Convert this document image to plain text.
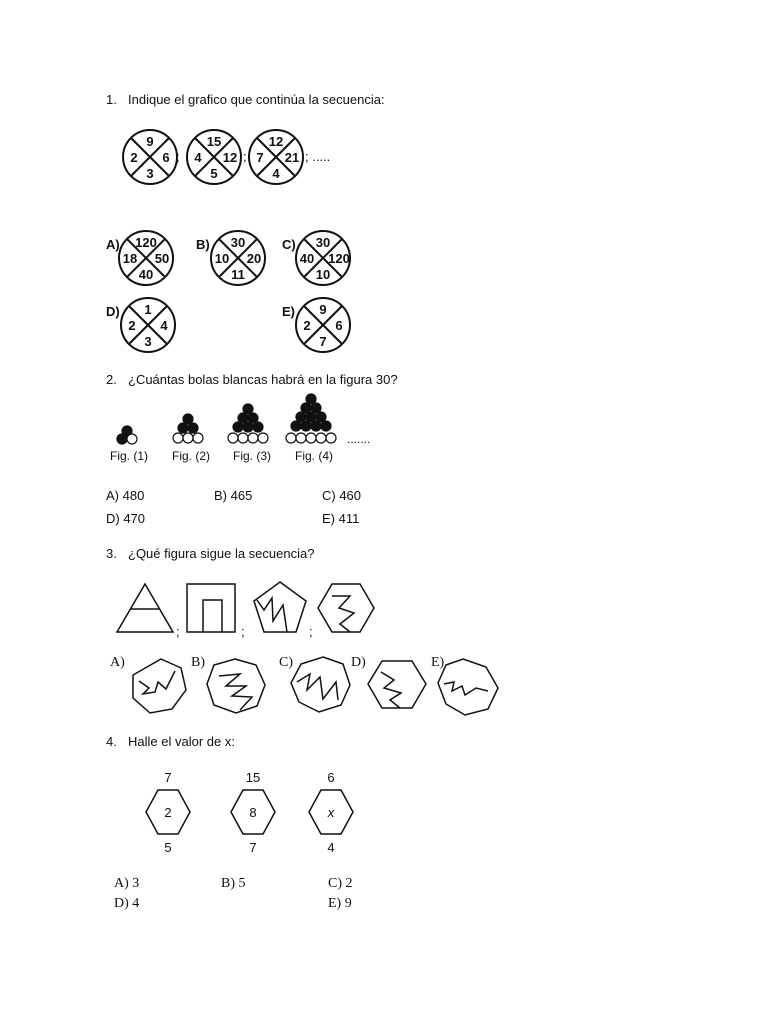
1. Indique el grafico que continúa la secuencia:
9
2 6
3
15
4 12
5
12
7 21
4
120
18 50
40
30
10 20
11
30
40 120
10
1
2 4
3
9
2 6
7
7
2
5
15
8
7
6
x
4
;	;	; .....
A)	B)	C)
D)	E)
2. ¿Cuántas bolas blancas habrá en la figura 30?
Fig. (1) Fig. (2) Fig. (3) Fig. (4)
.......
A) 480	B) 465	C) 460
D) 470	E) 411
3. ¿Qué figura sigue la secuencia?
;	;	;
A)	B)	C)	D)	E)
4. Halle el valor de x:
A) 3	B) 5	C) 2
D) 4	E) 9
